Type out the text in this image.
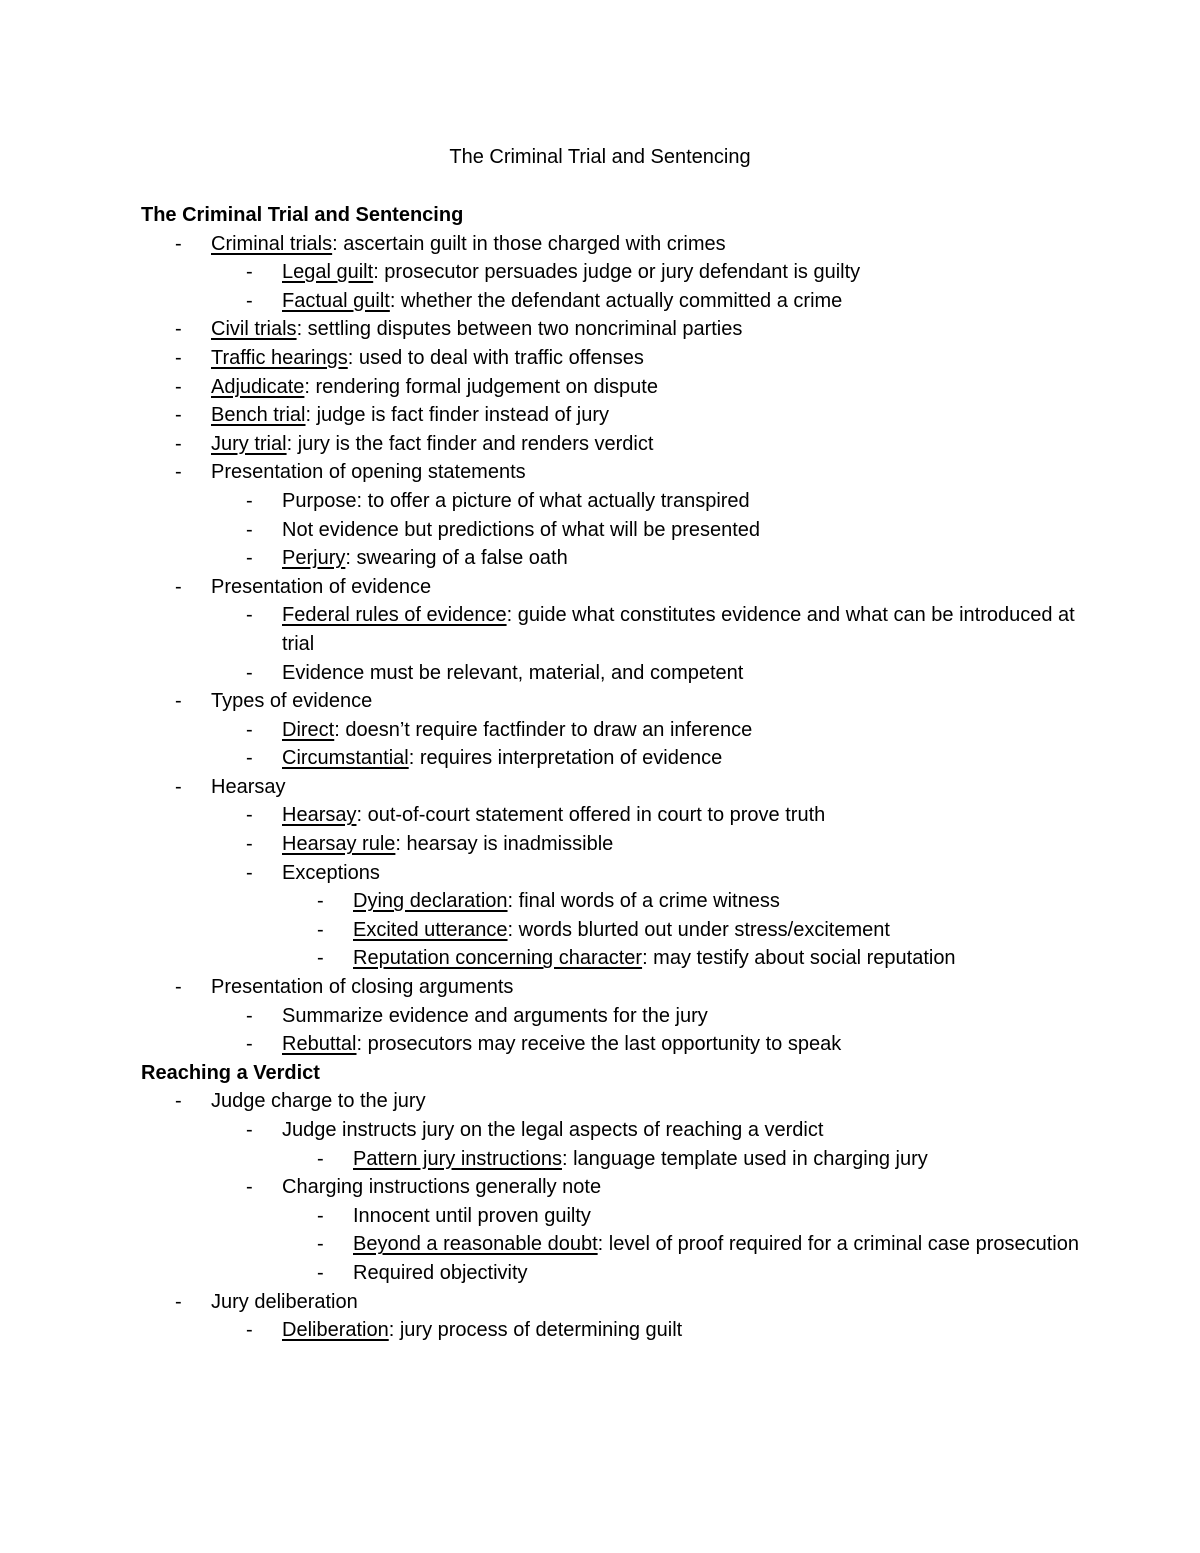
The Criminal Trial and Sentencing
The Criminal Trial and Sentencing
- Criminal trials: ascertain guilt in those charged with crimes
- Legal guilt: prosecutor persuades judge or jury defendant is guilty
- Factual guilt: whether the defendant actually committed a crime
- Civil trials: settling disputes between two noncriminal parties
- Traffic hearings: used to deal with traffic offenses
- Adjudicate: rendering formal judgement on dispute
- Bench trial: judge is fact finder instead of jury
- Jury trial: jury is the fact finder and renders verdict
- Presentation of opening statements
- Purpose: to offer a picture of what actually transpired
- Not evidence but predictions of what will be presented
- Perjury: swearing of a false oath
- Presentation of evidence
- Federal rules of evidence: guide what constitutes evidence and what can be introduced at trial
- Evidence must be relevant, material, and competent
- Types of evidence
- Direct: doesn’t require factfinder to draw an inference
- Circumstantial: requires interpretation of evidence
- Hearsay
- Hearsay: out-of-court statement offered in court to prove truth
- Hearsay rule: hearsay is inadmissible
- Exceptions
- Dying declaration: final words of a crime witness
- Excited utterance: words blurted out under stress/excitement
- Reputation concerning character: may testify about social reputation
- Presentation of closing arguments
- Summarize evidence and arguments for the jury
- Rebuttal: prosecutors may receive the last opportunity to speak
Reaching a Verdict
- Judge charge to the jury
- Judge instructs jury on the legal aspects of reaching a verdict
- Pattern jury instructions: language template used in charging jury
- Charging instructions generally note
- Innocent until proven guilty
- Beyond a reasonable doubt: level of proof required for a criminal case prosecution
- Required objectivity
- Jury deliberation
- Deliberation: jury process of determining guilt
